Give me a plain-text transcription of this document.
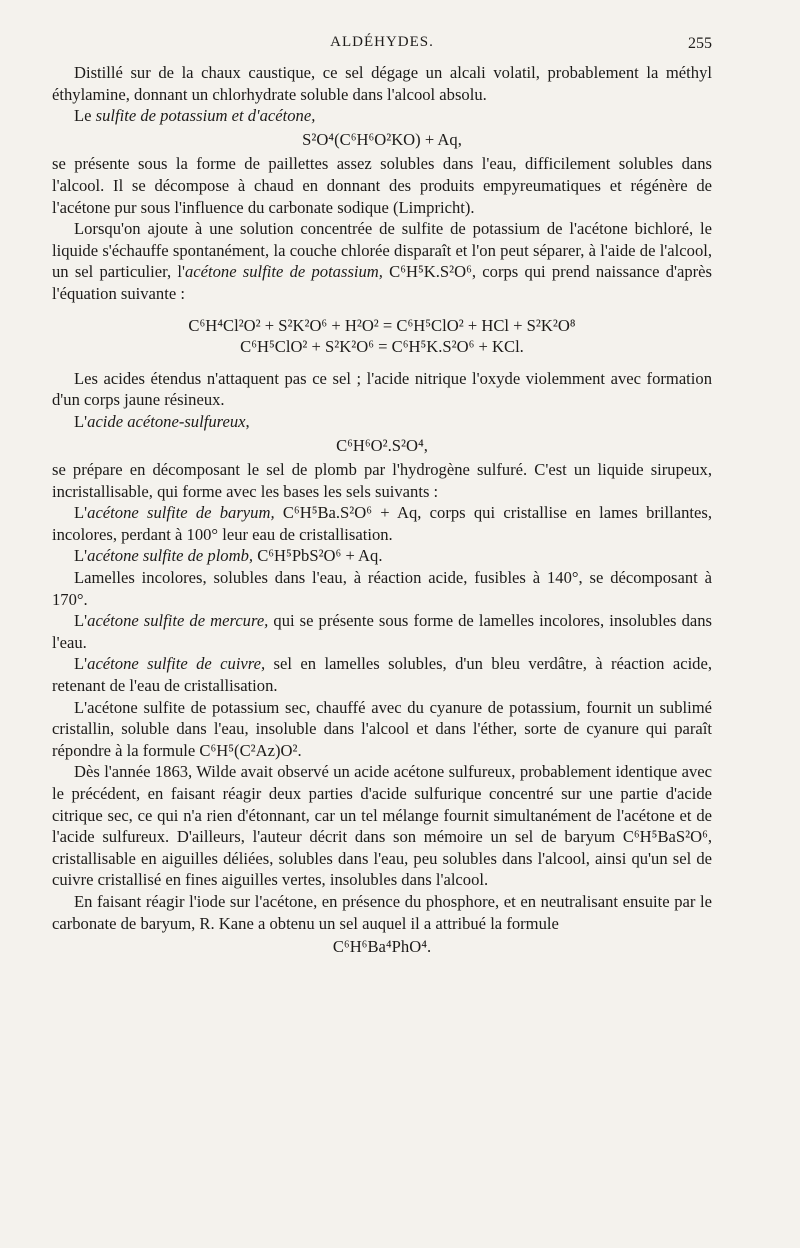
ALDÉHYDES.	255

Distillé sur de la chaux caustique, ce sel dégage un alcali volatil, probablement la méthyl éthylamine, donnant un chlorhydrate soluble dans l'alcool absolu.

Le sulfite de potassium et d'acétone,

S²O⁴(C⁶H⁶O²KO) + Aq,

se présente sous la forme de paillettes assez solubles dans l'eau, difficilement solubles dans l'alcool. Il se décompose à chaud en donnant des produits empyreumatiques et régénère de l'acétone pur sous l'influence du carbonate sodique (Limpricht).

Lorsqu'on ajoute à une solution concentrée de sulfite de potassium de l'acétone bichloré, le liquide s'échauffe spontanément, la couche chlorée disparaît et l'on peut séparer, à l'aide de l'alcool, un sel particulier, l'acétone sulfite de potassium, C⁶H⁵K.S²O⁶, corps qui prend naissance d'après l'équation suivante :

C⁶H⁴Cl²O² + S²K²O⁶ + H²O² = C⁶H⁵ClO² + HCl + S²K²O⁸
C⁶H⁵ClO² + S²K²O⁶ = C⁶H⁵K.S²O⁶ + KCl.

Les acides étendus n'attaquent pas ce sel ; l'acide nitrique l'oxyde violemment avec formation d'un corps jaune résineux.

L'acide acétone-sulfureux,

C⁶H⁶O².S²O⁴,

se prépare en décomposant le sel de plomb par l'hydrogène sulfuré. C'est un liquide sirupeux, incristallisable, qui forme avec les bases les sels suivants :

L'acétone sulfite de baryum, C⁶H⁵Ba.S²O⁶ + Aq, corps qui cristallise en lames brillantes, incolores, perdant à 100° leur eau de cristallisation.

L'acétone sulfite de plomb, C⁶H⁵PbS²O⁶ + Aq.

Lamelles incolores, solubles dans l'eau, à réaction acide, fusibles à 140°, se décomposant à 170°.

L'acétone sulfite de mercure, qui se présente sous forme de lamelles incolores, insolubles dans l'eau.

L'acétone sulfite de cuivre, sel en lamelles solubles, d'un bleu verdâtre, à réaction acide, retenant de l'eau de cristallisation.

L'acétone sulfite de potassium sec, chauffé avec du cyanure de potassium, fournit un sublimé cristallin, soluble dans l'eau, insoluble dans l'alcool et dans l'éther, sorte de cyanure qui paraît répondre à la formule C⁶H⁵(C²Az)O².

Dès l'année 1863, Wilde avait observé un acide acétone sulfureux, probablement identique avec le précédent, en faisant réagir deux parties d'acide sulfurique concentré sur une partie d'acide citrique sec, ce qui n'a rien d'étonnant, car un tel mélange fournit simultanément de l'acétone et de l'acide sulfureux. D'ailleurs, l'auteur décrit dans son mémoire un sel de baryum C⁶H⁵BaS²O⁶, cristallisable en aiguilles déliées, solubles dans l'eau, peu solubles dans l'alcool, ainsi qu'un sel de cuivre cristallisé en fines aiguilles vertes, insolubles dans l'alcool.

En faisant réagir l'iode sur l'acétone, en présence du phosphore, et en neutralisant ensuite par le carbonate de baryum, R. Kane a obtenu un sel auquel il a attribué la formule

C⁶H⁶Ba⁴PhO⁴.
